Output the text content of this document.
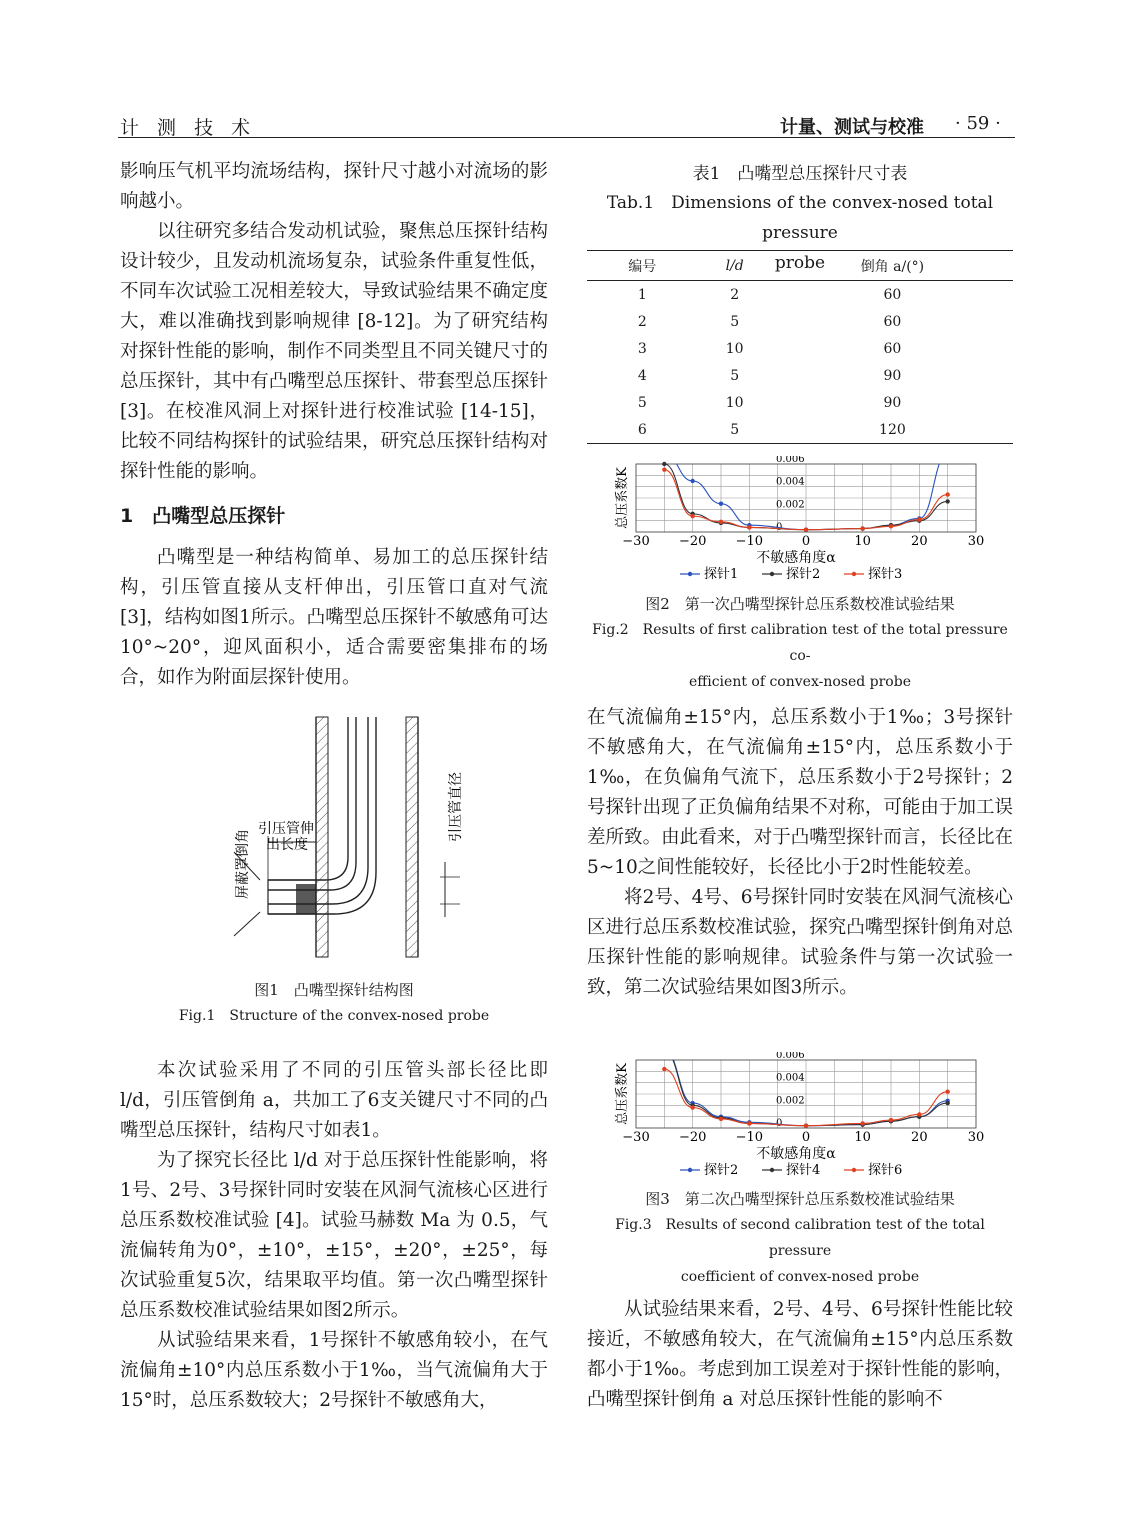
计 测 技 术	计量、测试与校准 · 59 ·

影响压气机平均流场结构，探针尺寸越小对流场的影响越小。

以往研究多结合发动机试验，聚焦总压探针结构设计较少，且发动机流场复杂，试验条件重复性低，不同车次试验工况相差较大，导致试验结果不确定度大，难以准确找到影响规律 [8-12]。为了研究结构对探针性能的影响，制作不同类型且不同关键尺寸的总压探针，其中有凸嘴型总压探针、带套型总压探针 [3]。在校准风洞上对探针进行校准试验 [14-15]，比较不同结构探针的试验结果，研究总压探针结构对探针性能的影响。

1　凸嘴型总压探针

凸嘴型是一种结构简单、易加工的总压探针结构，引压管直接从支杆伸出，引压管口直对气流 [3]，结构如图1所示。凸嘴型总压探针不敏感角可达 10°~20°，迎风面积小，适合需要密集排布的场合，如作为附面层探针使用。

屏蔽罩倒角 引压管伸
出长度
引压管直径
图1　凸嘴型探针结构图
Fig.1　Structure of the convex-nosed probe

本次试验采用了不同的引压管头部长径比即 l/d，引压管倒角 a，共加工了6支关键尺寸不同的凸嘴型总压探针，结构尺寸如表1。

为了探究长径比 l/d 对于总压探针性能影响，将1号、2号、3号探针同时安装在风洞气流核心区进行总压系数校准试验 [4]。试验马赫数 Ma 为 0.5，气流偏转角为0°，±10°，±15°，±20°，±25°，每次试验重复5次，结果取平均值。第一次凸嘴型探针总压系数校准试验结果如图2所示。

从试验结果来看，1号探针不敏感角较小，在气流偏角±10°内总压系数小于1‰，当气流偏角大于 15°时，总压系数较大；2号探针不敏感角大，

表1　凸嘴型总压探针尺寸表
Tab.1　Dimensions of the convex-nosed total pressure
probe
编号	l/d	倒角 a/(°)
1	2	60
2	5	60
3	10	60
4	5	90
5	10	90
6	5	120
0
0.002
0.004
0.006
−30 −20 −10	0	10	20	30
不敏感角度α
总压系数K
探针1	探针2	探针3
图2　第一次凸嘴型探针总压系数校准试验结果
Fig.2　Results of first calibration test of the total pressure co-
efficient of convex-nosed probe

在气流偏角±15°内，总压系数小于1‰；3号探针不敏感角大，在气流偏角±15°内，总压系数小于1‰，在负偏角气流下，总压系数小于2号探针；2号探针出现了正负偏角结果不对称，可能由于加工误差所致。由此看来，对于凸嘴型探针而言，长径比在5~10之间性能较好，长径比小于2时性能较差。

将2号、4号、6号探针同时安装在风洞气流核心区进行总压系数校准试验，探究凸嘴型探针倒角对总压探针性能的影响规律。试验条件与第一次试验一致，第二次试验结果如图3所示。

0
0.002
0.004
0.006
−30 −20 −10	0	10	20	30
不敏感角度α
总压系数K
探针2	探针4	探针6
图3　第二次凸嘴型探针总压系数校准试验结果
Fig.3　Results of second calibration test of the total pressure
coefficient of convex-nosed probe

从试验结果来看，2号、4号、6号探针性能比较接近，不敏感角较大，在气流偏角±15°内总压系数都小于1‰。考虑到加工误差对于探针性能的影响，凸嘴型探针倒角 a 对总压探针性能的影响不
